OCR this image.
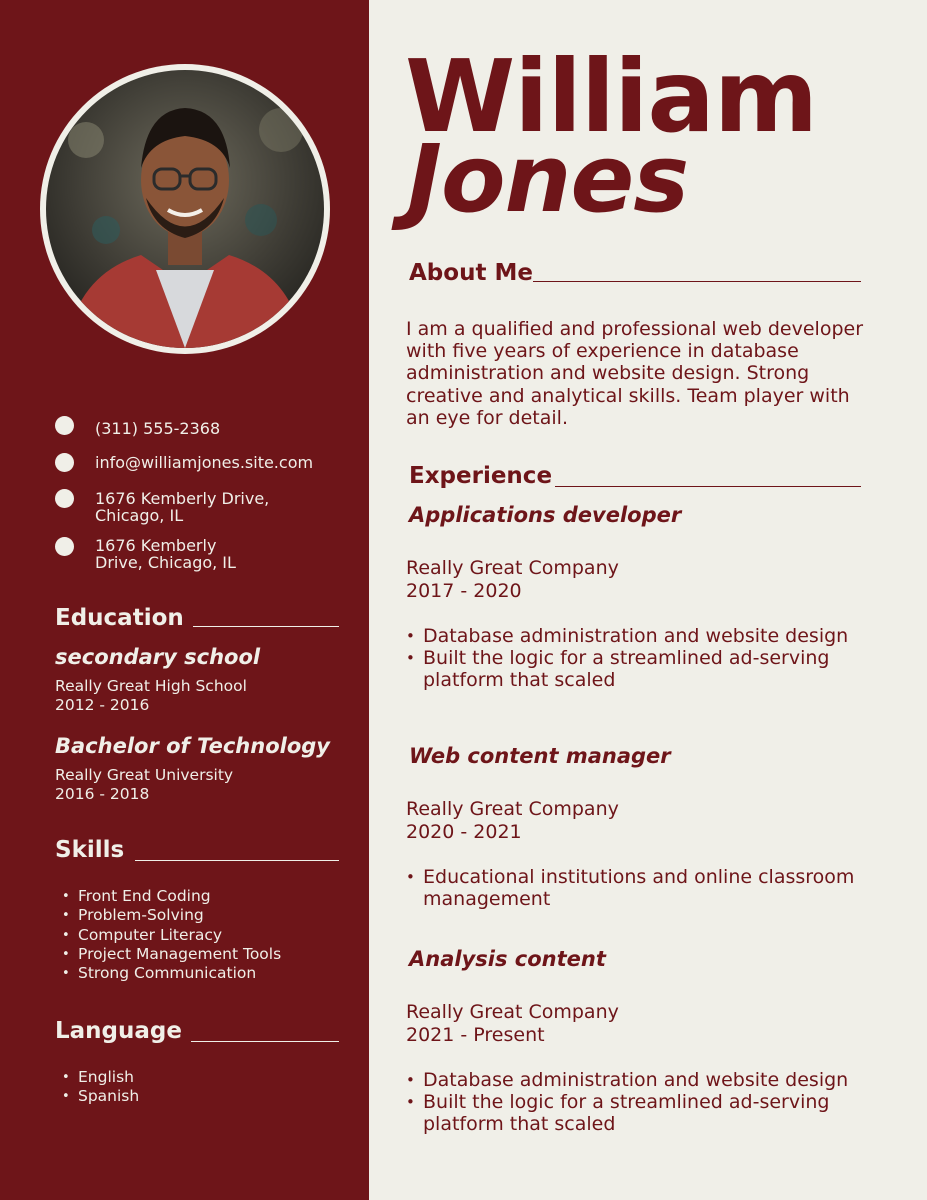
(311) 555-2368
info@williamjones.site.com
1676 Kemberly Drive,
Chicago, IL
1676 Kemberly
Drive, Chicago, IL
Education
secondary school
Really Great High School
2012 - 2016
Bachelor of Technology
Really Great University
2016 - 2018
Skills
• Front End Coding
• Problem-Solving
• Computer Literacy
• Project Management Tools
• Strong Communication
Language
• English
• Spanish
William
Jones
About Me
I am a qualified and professional web developer with five years of experience in database administration and website design. Strong creative and analytical skills. Team player with an eye for detail.
Experience
Applications developer
Really Great Company
2017 - 2020
• Database administration and website design
• Built the logic for a streamlined ad-serving platform that scaled
Web content manager
Really Great Company
2020 - 2021
• Educational institutions and online classroom management
Analysis content
Really Great Company
2021 - Present
• Database administration and website design
• Built the logic for a streamlined ad-serving platform that scaled
